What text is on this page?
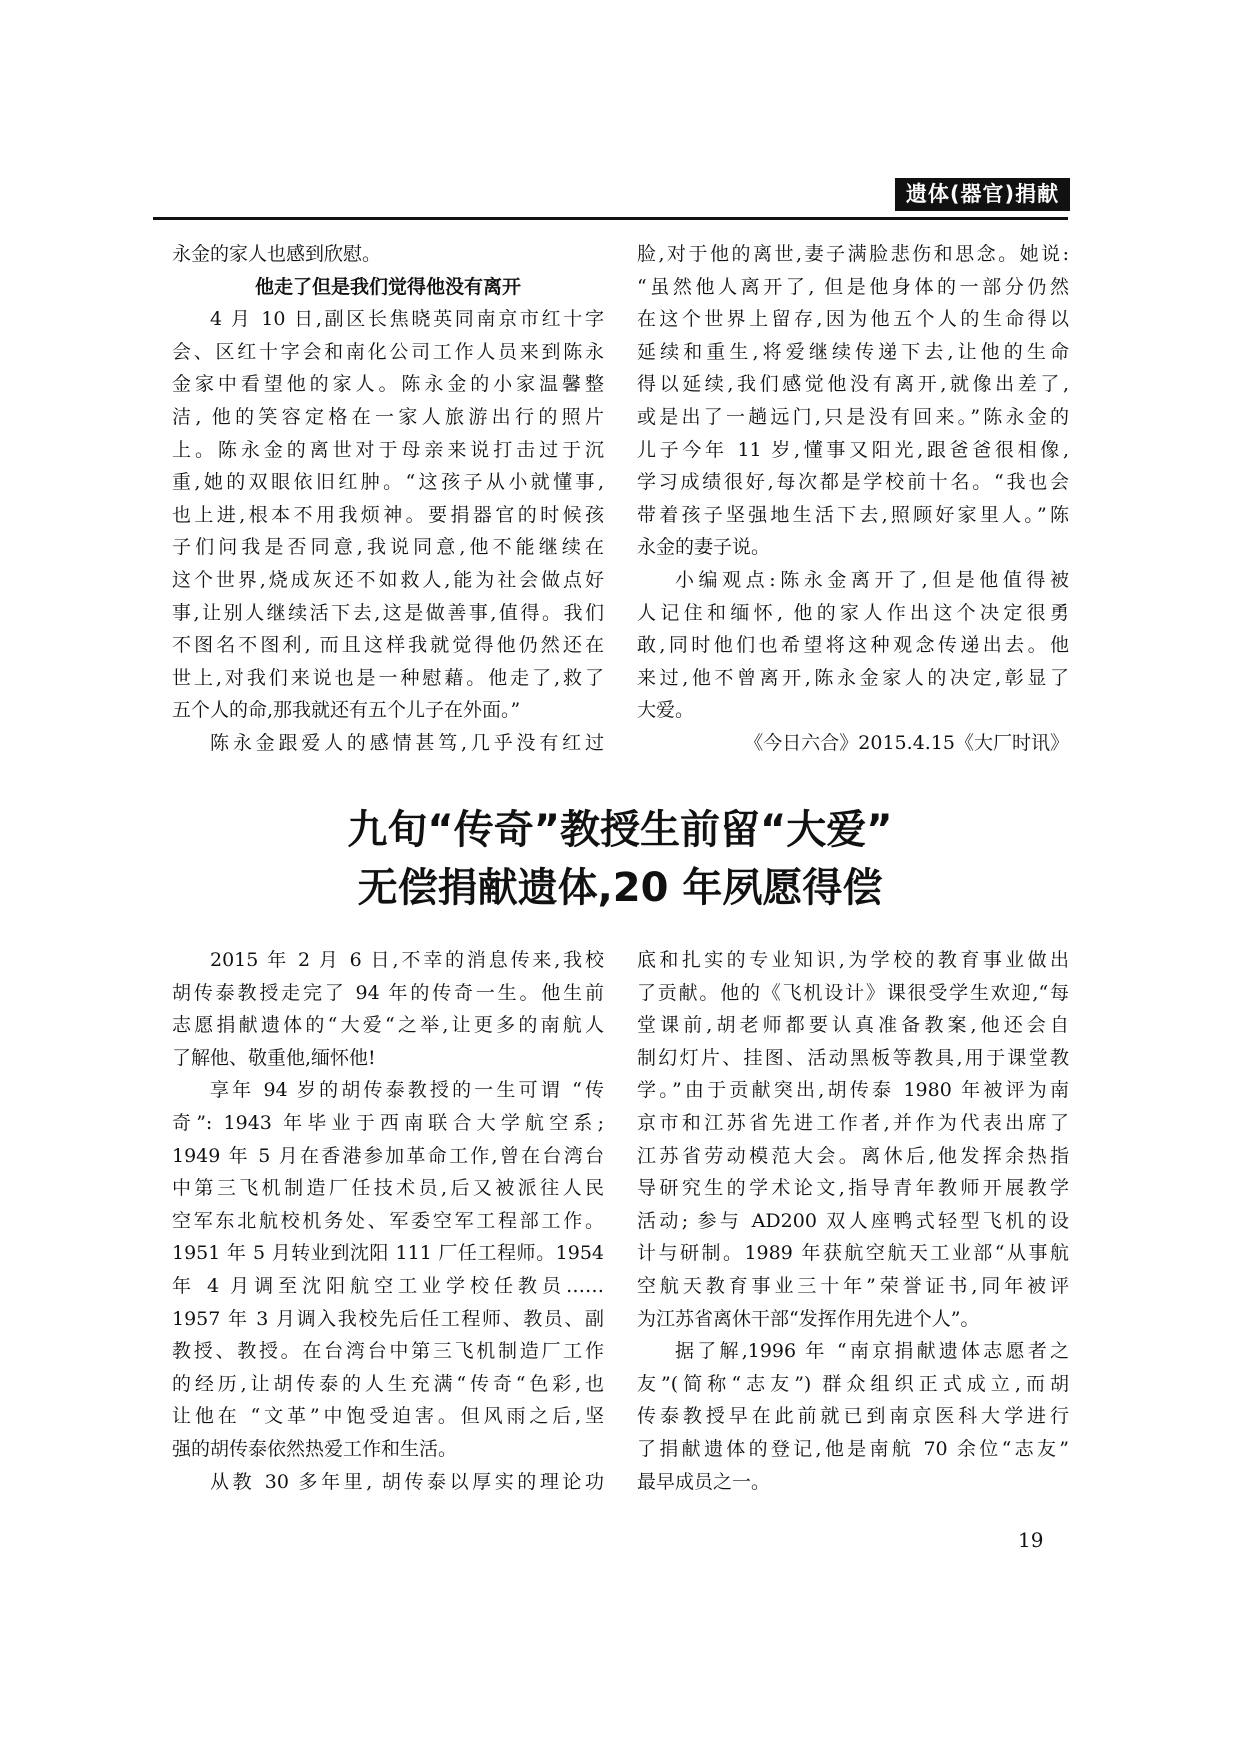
遗体(器官)捐献
永金的家人也感到欣慰。
他走了但是我们觉得他没有离开
4 月 10 日,副区长焦晓英同南京市红十字
会、区红十字会和南化公司工作人员来到陈永
金家中看望他的家人。陈永金的小家温馨整
洁, 他的笑容定格在一家人旅游出行的照片
上。陈永金的离世对于母亲来说打击过于沉
重,她的双眼依旧红肿。“这孩子从小就懂事,
也上进,根本不用我烦神。要捐器官的时候孩
子们问我是否同意,我说同意,他不能继续在
这个世界,烧成灰还不如救人,能为社会做点好
事,让别人继续活下去,这是做善事,值得。我们
不图名不图利, 而且这样我就觉得他仍然还在
世上,对我们来说也是一种慰藉。他走了,救了
五个人的命,那我就还有五个儿子在外面。”
陈永金跟爱人的感情甚笃,几乎没有红过
脸,对于他的离世,妻子满脸悲伤和思念。她说:
“虽然他人离开了, 但是他身体的一部分仍然
在这个世界上留存,因为他五个人的生命得以
延续和重生,将爱继续传递下去,让他的生命
得以延续,我们感觉他没有离开,就像出差了,
或是出了一趟远门,只是没有回来。”陈永金的
儿子今年 11 岁,懂事又阳光,跟爸爸很相像,
学习成绩很好,每次都是学校前十名。“我也会
带着孩子坚强地生活下去,照顾好家里人。”陈
永金的妻子说。
小编观点:陈永金离开了,但是他值得被
人记住和缅怀, 他的家人作出这个决定很勇
敢,同时他们也希望将这种观念传递出去。他
来过,他不曾离开,陈永金家人的决定,彰显了
大爱。
《今日六合》2015.4.15《大厂时讯》
九旬“传奇”教授生前留“大爱”
无偿捐献遗体,20 年夙愿得偿
2015 年 2 月 6 日,不幸的消息传来,我校
胡传泰教授走完了 94 年的传奇一生。他生前
志愿捐献遗体的“大爱“之举,让更多的南航人
了解他、敬重他,缅怀他!
享年 94 岁的胡传泰教授的一生可谓 “传
奇”: 1943 年毕业于西南联合大学航空系;
1949 年 5 月在香港参加革命工作,曾在台湾台
中第三飞机制造厂任技术员,后又被派往人民
空军东北航校机务处、军委空军工程部工作。
1951 年 5 月转业到沈阳 111 厂任工程师。1954
年 4 月调至沈阳航空工业学校任教员……
1957 年 3 月调入我校先后任工程师、教员、副
教授、教授。在台湾台中第三飞机制造厂工作
的经历,让胡传泰的人生充满“传奇“色彩,也
让他在 “文革”中饱受迫害。但风雨之后,坚
强的胡传泰依然热爱工作和生活。
从教 30 多年里, 胡传泰以厚实的理论功
底和扎实的专业知识,为学校的教育事业做出
了贡献。他的《飞机设计》课很受学生欢迎,“每
堂课前,胡老师都要认真准备教案,他还会自
制幻灯片、挂图、活动黑板等教具,用于课堂教
学。”由于贡献突出,胡传泰 1980 年被评为南
京市和江苏省先进工作者,并作为代表出席了
江苏省劳动模范大会。离休后,他发挥余热指
导研究生的学术论文,指导青年教师开展教学
活动; 参与 AD200 双人座鸭式轻型飞机的设
计与研制。1989 年获航空航天工业部“从事航
空航天教育事业三十年”荣誉证书,同年被评
为江苏省离休干部“发挥作用先进个人”。
据了解,1996 年 “南京捐献遗体志愿者之
友”(简称“志友”) 群众组织正式成立,而胡
传泰教授早在此前就已到南京医科大学进行
了捐献遗体的登记,他是南航 70 余位“志友”
最早成员之一。
19
